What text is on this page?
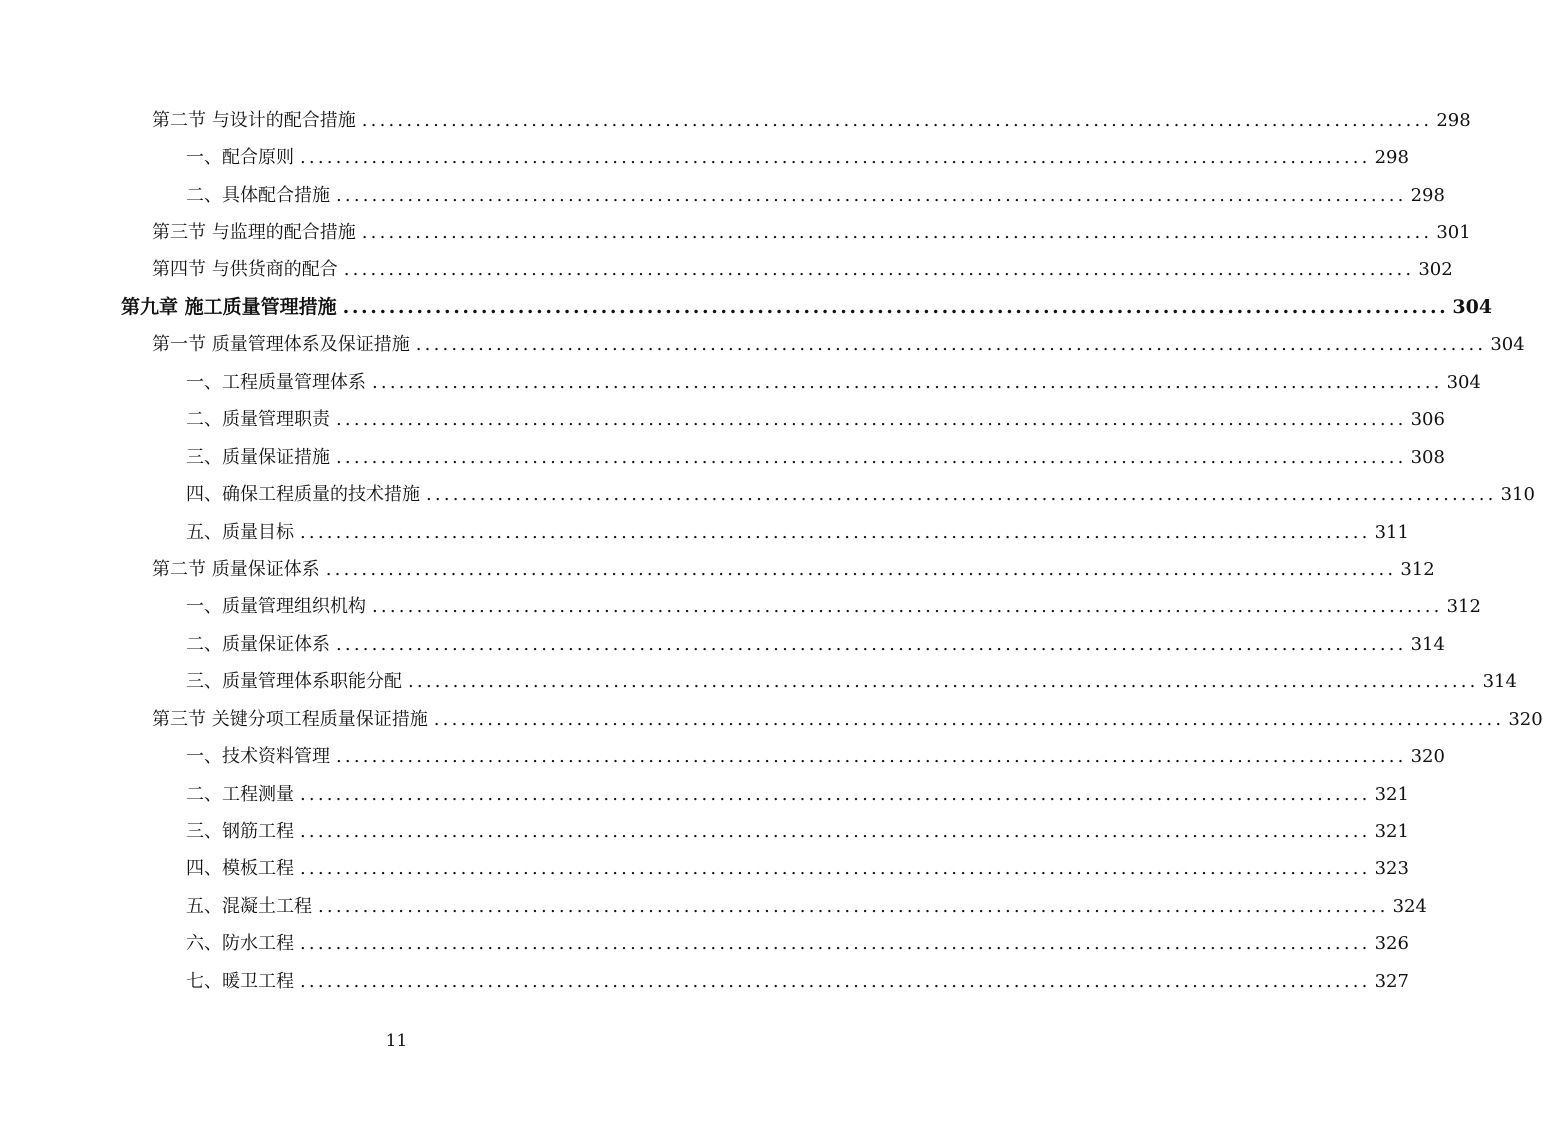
第二节 与设计的配合措施 ........................................................................................................................ 298
一、配合原则 ........................................................................................................................ 298
二、具体配合措施 ........................................................................................................................ 298
第三节 与监理的配合措施 ........................................................................................................................ 301
第四节 与供货商的配合 ........................................................................................................................ 302
第九章 施工质量管理措施 ........................................................................................................................ 304
第一节 质量管理体系及保证措施 ........................................................................................................................ 304
一、工程质量管理体系 ........................................................................................................................ 304
二、质量管理职责 ........................................................................................................................ 306
三、质量保证措施 ........................................................................................................................ 308
四、确保工程质量的技术措施 ........................................................................................................................ 310
五、质量目标 ........................................................................................................................ 311
第二节 质量保证体系 ........................................................................................................................ 312
一、质量管理组织机构 ........................................................................................................................ 312
二、质量保证体系 ........................................................................................................................ 314
三、质量管理体系职能分配 ........................................................................................................................ 314
第三节 关键分项工程质量保证措施 ........................................................................................................................ 320
一、技术资料管理 ........................................................................................................................ 320
二、工程测量 ........................................................................................................................ 321
三、钢筋工程 ........................................................................................................................ 321
四、模板工程 ........................................................................................................................ 323
五、混凝土工程 ........................................................................................................................ 324
六、防水工程 ........................................................................................................................ 326
七、暖卫工程 ........................................................................................................................ 327
11
